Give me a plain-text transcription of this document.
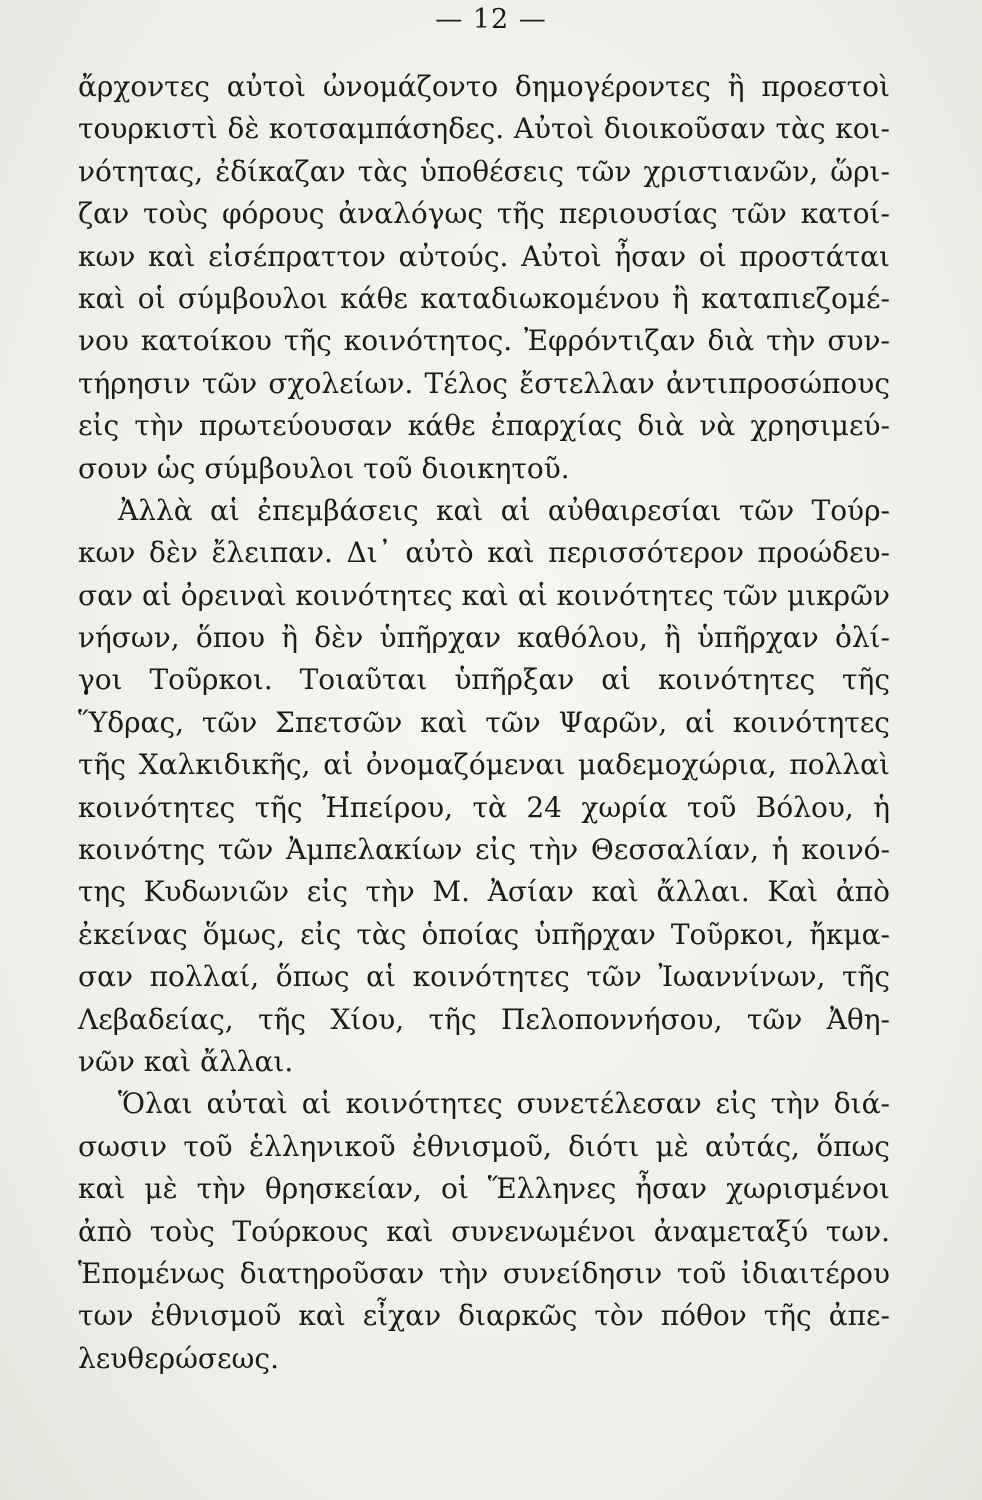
— 12 —
ἄρχοντες αὐτοὶ ὠνομάζοντο δημογέροντες ἢ προεστοὶ
τουρκιστὶ δὲ κοτσαμπάσηδες. Αὐτοὶ διοικοῦσαν τὰς κοι-
νότητας, ἐδίκαζαν τὰς ὑποθέσεις τῶν χριστιανῶν, ὥρι-
ζαν τοὺς φόρους ἀναλόγως τῆς περιουσίας τῶν κατοί-
κων καὶ εἰσέπραττον αὐτούς. Αὐτοὶ ἦσαν οἱ προστάται
καὶ οἱ σύμβουλοι κάθε καταδιωκομένου ἢ καταπιεζομέ-
νου κατοίκου τῆς κοινότητος. Ἐφρόντιζαν διὰ τὴν συν-
τήρησιν τῶν σχολείων. Τέλος ἔστελλαν ἀντιπροσώπους
εἰς τὴν πρωτεύουσαν κάθε ἐπαρχίας διὰ νὰ χρησιμεύ-
σουν ὡς σύμβουλοι τοῦ διοικητοῦ.
Ἀλλὰ αἱ ἐπεμβάσεις καὶ αἱ αὐθαιρεσίαι τῶν Τούρ-
κων δὲν ἔλειπαν. Δι᾽ αὐτὸ καὶ περισσότερον προώδευ-
σαν αἱ ὀρειναὶ κοινότητες καὶ αἱ κοινότητες τῶν μικρῶν
νήσων, ὅπου ἢ δὲν ὑπῆρχαν καθόλου, ἢ ὑπῆρχαν ὀλί-
γοι Τοῦρκοι. Τοιαῦται ὑπῆρξαν αἱ κοινότητες τῆς
Ὕδρας, τῶν Σπετσῶν καὶ τῶν Ψαρῶν, αἱ κοινότητες
τῆς Χαλκιδικῆς, αἱ ὀνομαζόμεναι μαδεμοχώρια, πολλαὶ
κοινότητες τῆς Ἠπείρου, τὰ 24 χωρία τοῦ Βόλου, ἡ
κοινότης τῶν Ἀμπελακίων εἰς τὴν Θεσσαλίαν, ἡ κοινό-
της Κυδωνιῶν εἰς τὴν Μ. Ἀσίαν καὶ ἄλλαι. Καὶ ἀπὸ
ἐκείνας ὅμως, εἰς τὰς ὁποίας ὑπῆρχαν Τοῦρκοι, ἤκμα-
σαν πολλαί, ὅπως αἱ κοινότητες τῶν Ἰωαννίνων, τῆς
Λεβαδείας, τῆς Χίου, τῆς Πελοποννήσου, τῶν Ἀθη-
νῶν καὶ ἄλλαι.
Ὅλαι αὐταὶ αἱ κοινότητες συνετέλεσαν εἰς τὴν διά-
σωσιν τοῦ ἑλληνικοῦ ἐθνισμοῦ, διότι μὲ αὐτάς, ὅπως
καὶ μὲ τὴν θρησκείαν, οἱ Ἕλληνες ἦσαν χωρισμένοι
ἀπὸ τοὺς Τούρκους καὶ συνενωμένοι ἀναμεταξύ των.
Ἑπομένως διατηροῦσαν τὴν συνείδησιν τοῦ ἰδιαιτέρου
των ἐθνισμοῦ καὶ εἶχαν διαρκῶς τὸν πόθον τῆς ἀπε-
λευθερώσεως.
